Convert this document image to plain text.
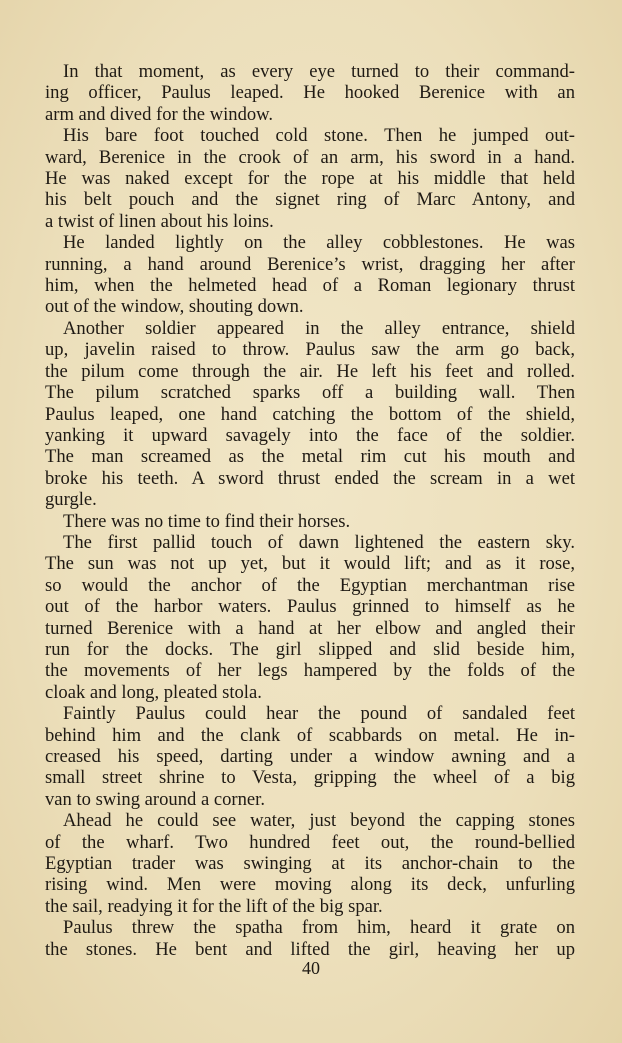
In that moment, as every eye turned to their command-
ing officer, Paulus leaped. He hooked Berenice with an
arm and dived for the window.

His bare foot touched cold stone. Then he jumped out-
ward, Berenice in the crook of an arm, his sword in a hand.
He was naked except for the rope at his middle that held
his belt pouch and the signet ring of Marc Antony, and
a twist of linen about his loins.

He landed lightly on the alley cobblestones. He was
running, a hand around Berenice’s wrist, dragging her after
him, when the helmeted head of a Roman legionary thrust
out of the window, shouting down.

Another soldier appeared in the alley entrance, shield
up, javelin raised to throw. Paulus saw the arm go back,
the pilum come through the air. He left his feet and rolled.
The pilum scratched sparks off a building wall. Then
Paulus leaped, one hand catching the bottom of the shield,
yanking it upward savagely into the face of the soldier.
The man screamed as the metal rim cut his mouth and
broke his teeth. A sword thrust ended the scream in a wet
gurgle.

There was no time to find their horses.

The first pallid touch of dawn lightened the eastern sky.
The sun was not up yet, but it would lift; and as it rose,
so would the anchor of the Egyptian merchantman rise
out of the harbor waters. Paulus grinned to himself as he
turned Berenice with a hand at her elbow and angled their
run for the docks. The girl slipped and slid beside him,
the movements of her legs hampered by the folds of the
cloak and long, pleated stola.

Faintly Paulus could hear the pound of sandaled feet
behind him and the clank of scabbards on metal. He in-
creased his speed, darting under a window awning and a
small street shrine to Vesta, gripping the wheel of a big
van to swing around a corner.

Ahead he could see water, just beyond the capping stones
of the wharf. Two hundred feet out, the round-bellied
Egyptian trader was swinging at its anchor-chain to the
rising wind. Men were moving along its deck, unfurling
the sail, readying it for the lift of the big spar.

Paulus threw the spatha from him, heard it grate on
the stones. He bent and lifted the girl, heaving her up

40
